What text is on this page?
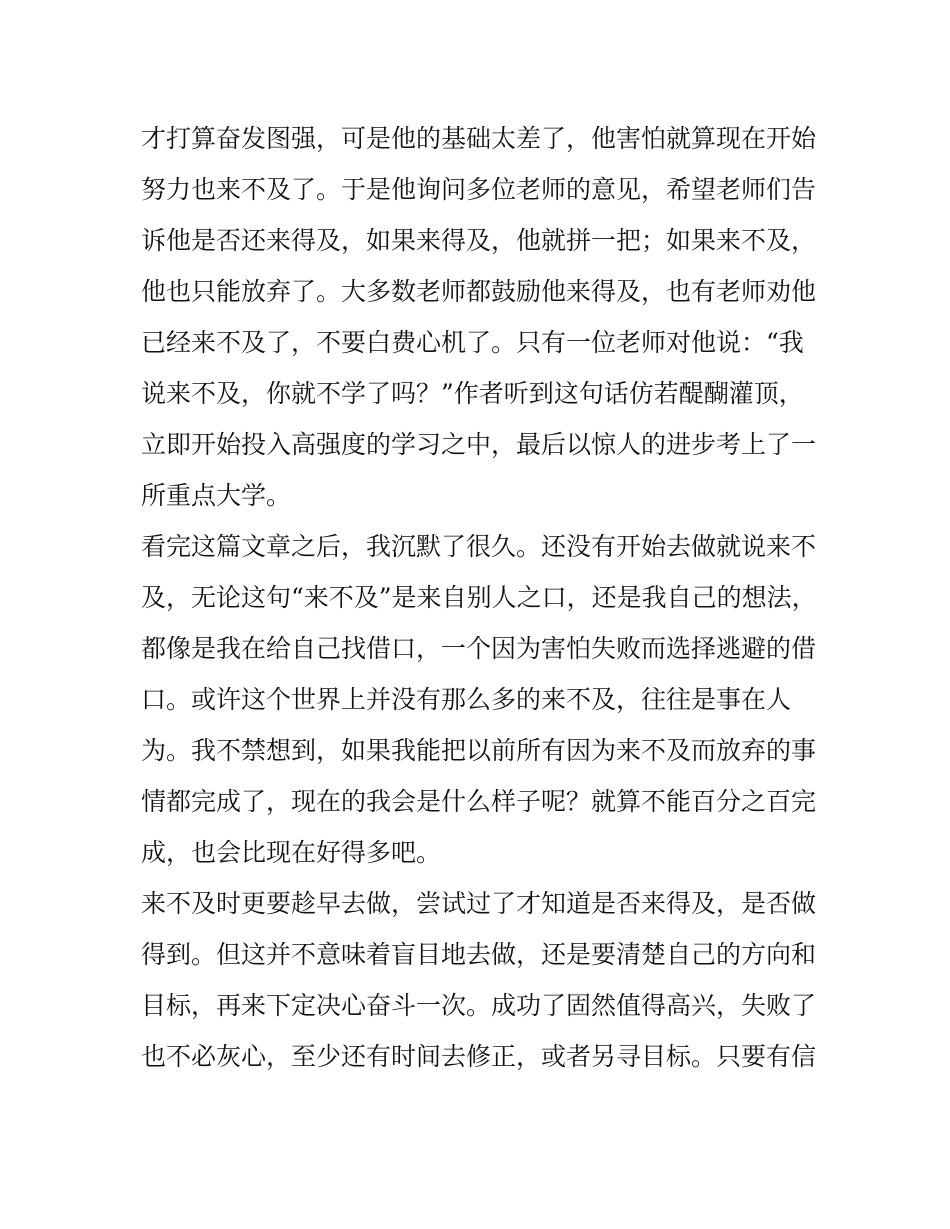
才打算奋发图强，可是他的基础太差了，他害怕就算现在开始
努力也来不及了。于是他询问多位老师的意见，希望老师们告
诉他是否还来得及，如果来得及，他就拼一把；如果来不及，
他也只能放弃了。大多数老师都鼓励他来得及，也有老师劝他
已经来不及了，不要白费心机了。只有一位老师对他说：“我
说来不及，你就不学了吗？”作者听到这句话仿若醍醐灌顶，
立即开始投入高强度的学习之中，最后以惊人的进步考上了一
所重点大学。
看完这篇文章之后，我沉默了很久。还没有开始去做就说来不
及，无论这句“来不及”是来自别人之口，还是我自己的想法，
都像是我在给自己找借口，一个因为害怕失败而选择逃避的借
口。或许这个世界上并没有那么多的来不及，往往是事在人
为。我不禁想到，如果我能把以前所有因为来不及而放弃的事
情都完成了，现在的我会是什么样子呢？就算不能百分之百完
成，也会比现在好得多吧。
来不及时更要趁早去做，尝试过了才知道是否来得及，是否做
得到。但这并不意味着盲目地去做，还是要清楚自己的方向和
目标，再来下定决心奋斗一次。成功了固然值得高兴，失败了
也不必灰心，至少还有时间去修正，或者另寻目标。只要有信
